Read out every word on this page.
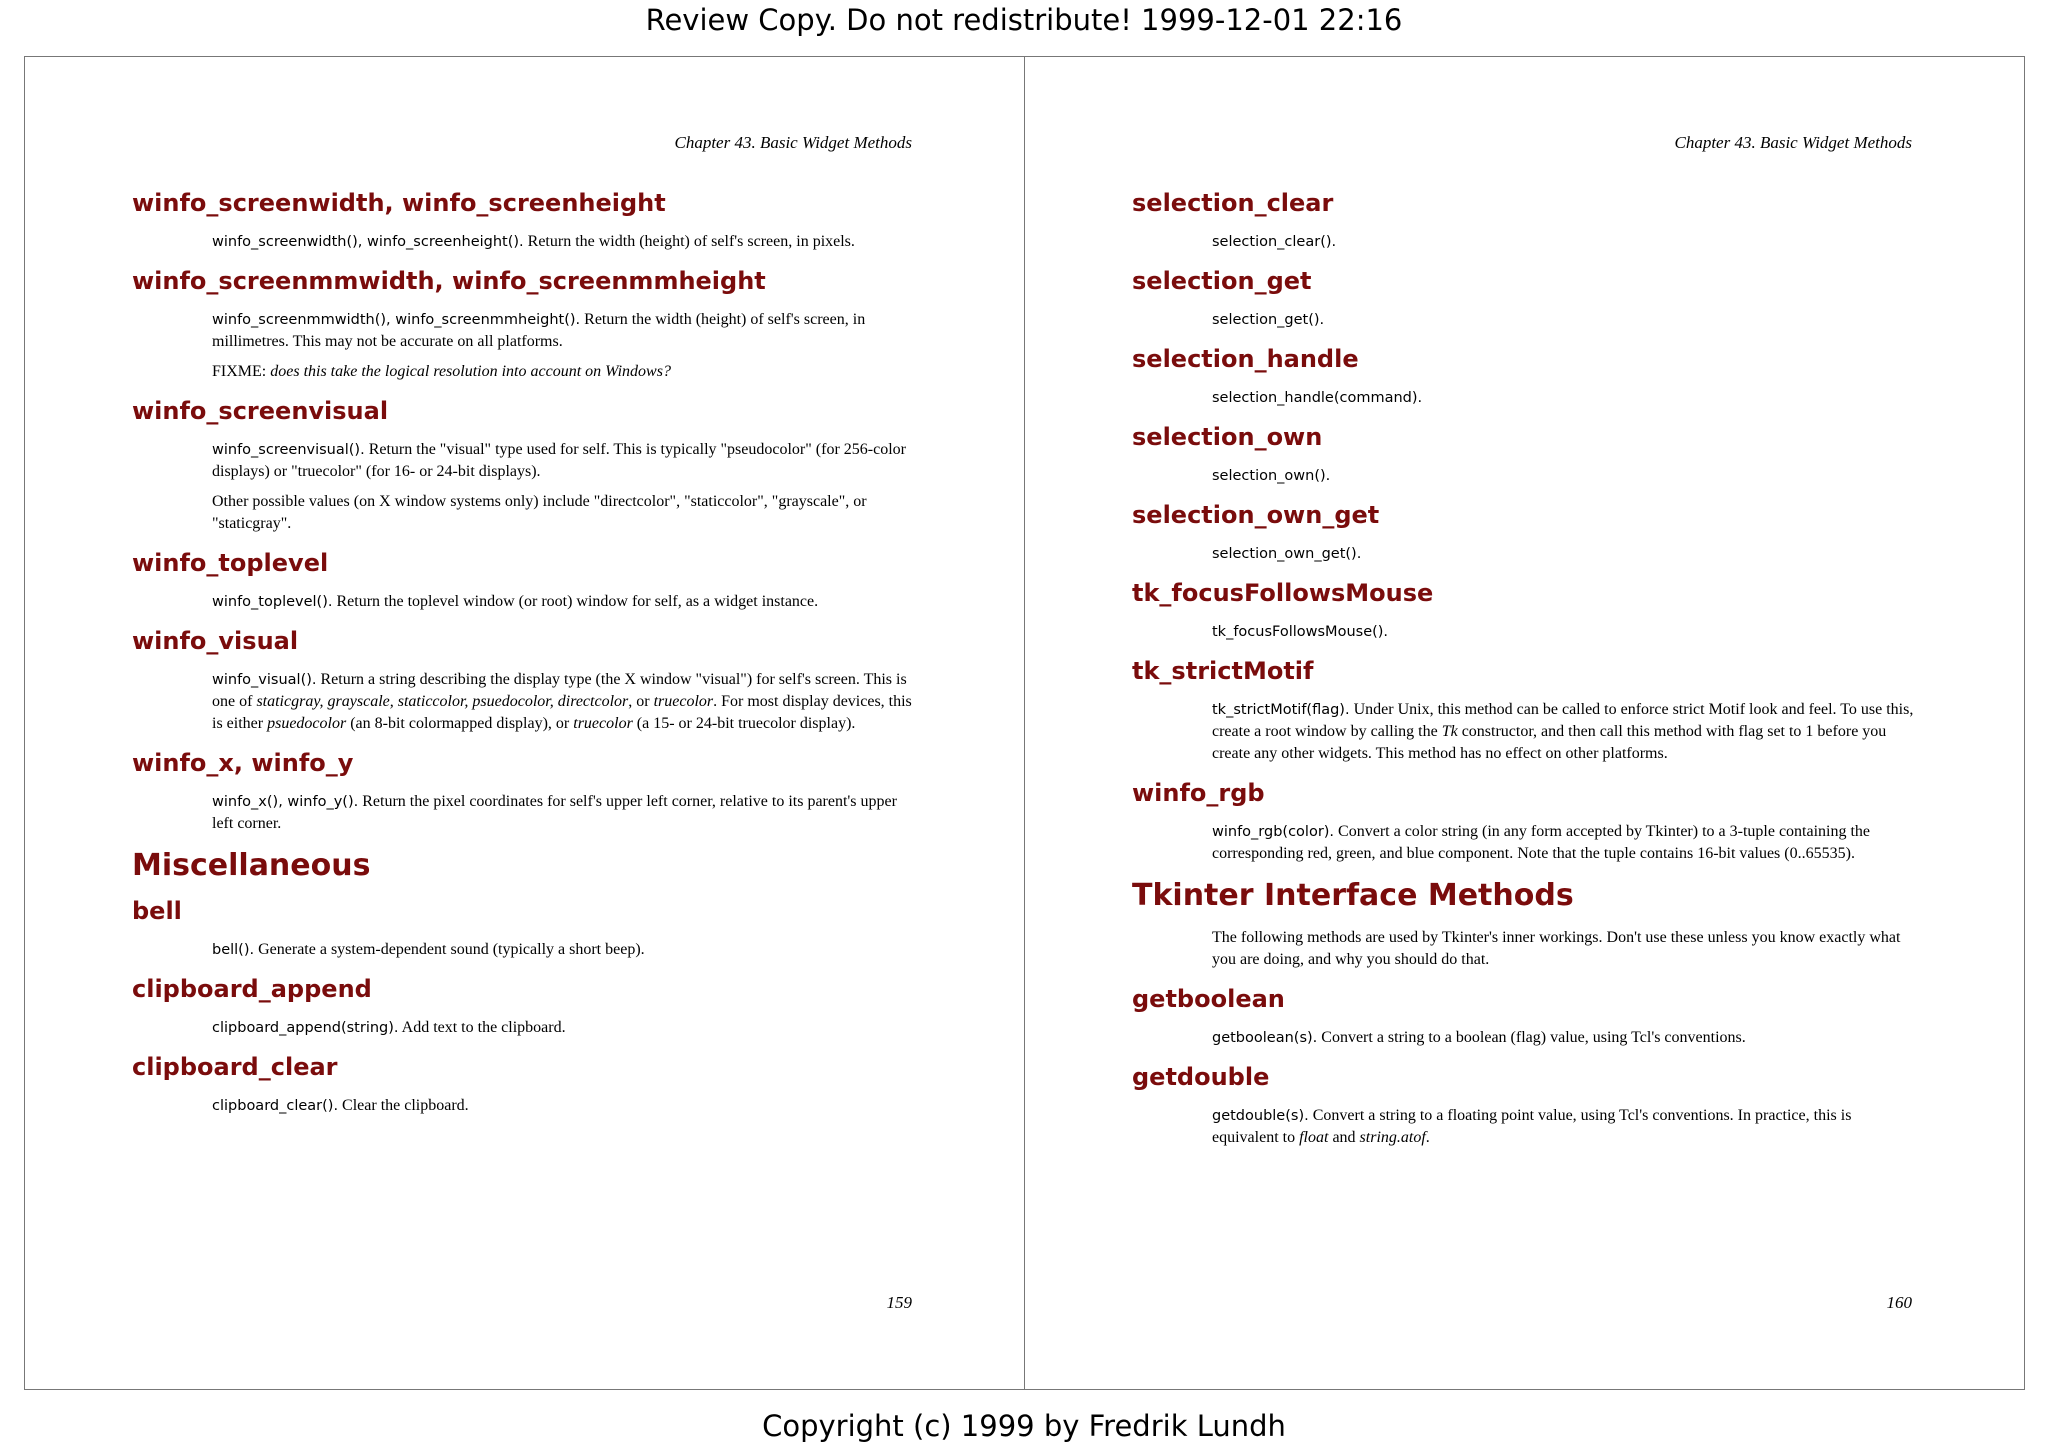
Review Copy. Do not redistribute! 1999-12-01 22:16
Chapter 43. Basic Widget Methods
winfo_screenwidth, winfo_screenheight

winfo_screenwidth(), winfo_screenheight(). Return the width (height) of self's screen, in pixels.

winfo_screenmmwidth, winfo_screenmmheight

winfo_screenmmwidth(), winfo_screenmmheight(). Return the width (height) of self's screen, in millimetres. This may not be accurate on all platforms.

FIXME: does this take the logical resolution into account on Windows?

winfo_screenvisual

winfo_screenvisual(). Return the "visual" type used for self. This is typically "pseudocolor" (for 256-color displays) or "truecolor" (for 16- or 24-bit displays).

Other possible values (on X window systems only) include "directcolor", "staticcolor", "grayscale", or "staticgray".

winfo_toplevel

winfo_toplevel(). Return the toplevel window (or root) window for self, as a widget instance.

winfo_visual

winfo_visual(). Return a string describing the display type (the X window "visual") for self's screen. This is one of staticgray, grayscale, staticcolor, psuedocolor, directcolor, or truecolor. For most display devices, this is either psuedocolor (an 8-bit colormapped display), or truecolor (a 15- or 24-bit truecolor display).

winfo_x, winfo_y

winfo_x(), winfo_y(). Return the pixel coordinates for self's upper left corner, relative to its parent's upper left corner.

Miscellaneous
bell

bell(). Generate a system-dependent sound (typically a short beep).

clipboard_append

clipboard_append(string). Add text to the clipboard.

clipboard_clear

clipboard_clear(). Clear the clipboard.

159
Chapter 43. Basic Widget Methods
selection_clear

selection_clear().

selection_get

selection_get().

selection_handle

selection_handle(command).

selection_own

selection_own().

selection_own_get

selection_own_get().

tk_focusFollowsMouse

tk_focusFollowsMouse().

tk_strictMotif

tk_strictMotif(flag). Under Unix, this method can be called to enforce strict Motif look and feel. To use this, create a root window by calling the Tk constructor, and then call this method with flag set to 1 before you create any other widgets. This method has no effect on other platforms.

winfo_rgb

winfo_rgb(color). Convert a color string (in any form accepted by Tkinter) to a 3-tuple containing the corresponding red, green, and blue component. Note that the tuple contains 16-bit values (0..65535).

Tkinter Interface Methods

The following methods are used by Tkinter's inner workings. Don't use these unless you know exactly what you are doing, and why you should do that.

getboolean

getboolean(s). Convert a string to a boolean (flag) value, using Tcl's conventions.

getdouble

getdouble(s). Convert a string to a floating point value, using Tcl's conventions. In practice, this is equivalent to float and string.atof.

160
Copyright (c) 1999 by Fredrik Lundh
